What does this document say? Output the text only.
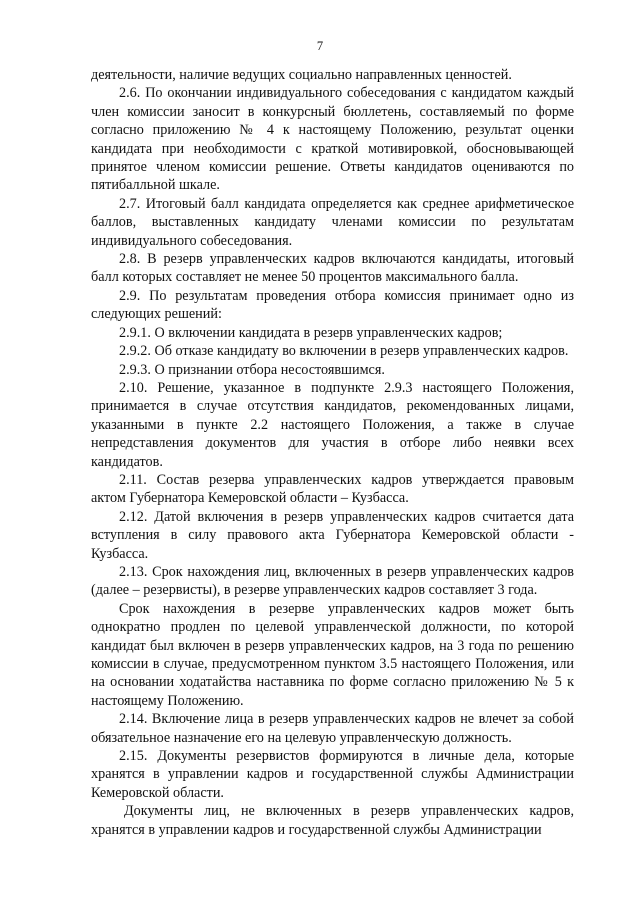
7

деятельности, наличие ведущих социально направленных ценностей.

2.6. По окончании индивидуального собеседования с кандидатом каждый член комиссии заносит в конкурсный бюллетень, составляемый по форме согласно приложению № 4 к настоящему Положению, результат оценки кандидата при необходимости с краткой мотивировкой, обосновывающей принятое членом комиссии решение. Ответы кандидатов оцениваются по пятибалльной шкале.

2.7. Итоговый балл кандидата определяется как среднее арифметическое баллов, выставленных кандидату членами комиссии по результатам индивидуального собеседования.

2.8. В резерв управленческих кадров включаются кандидаты, итоговый балл которых составляет не менее 50 процентов максимального балла.

2.9. По результатам проведения отбора комиссия принимает одно из следующих решений:

2.9.1. О включении кандидата в резерв управленческих кадров;

2.9.2. Об отказе кандидату во включении в резерв управленческих кадров.

2.9.3. О признании отбора несостоявшимся.

2.10. Решение, указанное в подпункте 2.9.3 настоящего Положения, принимается в случае отсутствия кандидатов, рекомендованных лицами, указанными в пункте 2.2 настоящего Положения, а также в случае непредставления документов для участия в отборе либо неявки всех кандидатов.

2.11. Состав резерва управленческих кадров утверждается правовым актом Губернатора Кемеровской области – Кузбасса.

2.12. Датой включения в резерв управленческих кадров считается дата вступления в силу правового акта Губернатора Кемеровской области - Кузбасса.

2.13. Срок нахождения лиц, включенных в резерв управленческих кадров (далее – резервисты), в резерве управленческих кадров составляет 3 года.

Срок нахождения в резерве управленческих кадров может быть однократно продлен по целевой управленческой должности, по которой кандидат был включен в резерв управленческих кадров, на 3 года по решению комиссии в случае, предусмотренном пунктом 3.5 настоящего Положения, или на основании ходатайства наставника по форме согласно приложению № 5 к настоящему Положению.

2.14. Включение лица в резерв управленческих кадров не влечет за собой обязательное назначение его на целевую управленческую должность.

2.15. Документы резервистов формируются в личные дела, которые хранятся в управлении кадров и государственной службы Администрации Кемеровской области.

Документы лиц, не включенных в резерв управленческих кадров, хранятся в управлении кадров и государственной службы Администрации
